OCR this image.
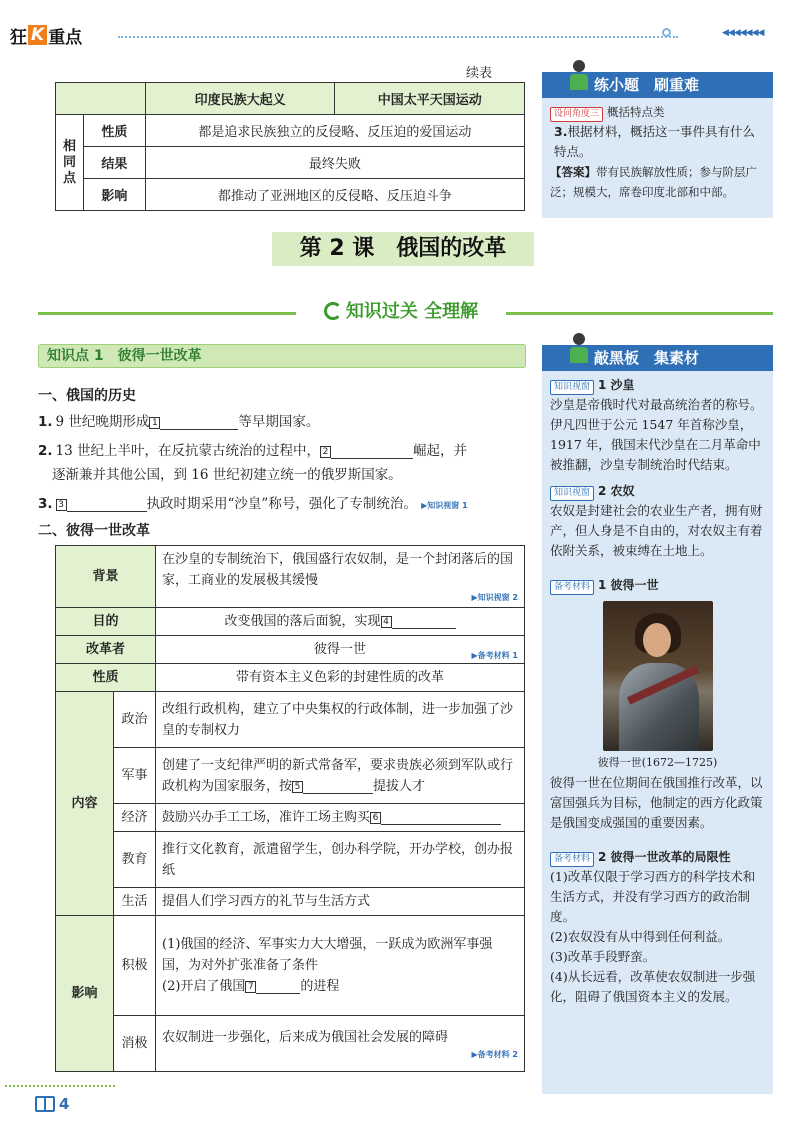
狂 K 重点	◀◀◀◀◀◀◀
续表
		印度民族大起义	中国太平天国运动
相同点	性质	都是追求民族独立的反侵略、反压迫的爱国运动	
	结果	最终失败	
	影响	都推动了亚洲地区的反侵略、反压迫斗争	
第 2 课　俄国的改革
知识过关 全理解
知识点 1　彼得一世改革
一、俄国的历史
1. 9 世纪晚期形成 1	等早期国家。
2. 13 世纪上半叶，在反抗蒙古统治的过程中， 2	崛起，并
逐渐兼并其他公国，到 16 世纪初建立统一的俄罗斯国家。
3. 3	执政时期采用“沙皇”称号，强化了专制统治。 ▶知识视窗 1
二、彼得一世改革
背景		在沙皇的专制统治下，俄国盛行农奴制，是一个封闭落后的国家，工商业的发展极其缓慢
▶知识视窗 2

目的		改变俄国的落后面貌，实现 4
改革者		彼得一世 ▶备考材料 1

性质		带有资本主义色彩的封建性质的改革
内容	政治	改组行政机构，建立了中央集权的行政体制，进一步加强了沙皇的专制权力
	军事	创建了一支纪律严明的新式常备军，要求贵族必须到军队或行政机构为国家服务，按 5 提拔人才
	经济	鼓励兴办手工工场，准许工场主购买 6
	教育	推行文化教育，派遣留学生，创办科学院，开办学校，创办报纸
	生活	提倡人们学习西方的礼节与生活方式
影响	积极	(1)俄国的经济、军事实力大大增强，一跃成为欧洲军事强国，为对外扩张准备了条件
(2)开启了俄国 7 的进程

	消极	农奴制进一步强化，后来成为俄国社会发展的障碍
▶备考材料 2
练小题　刷重难
设问角度三 概括特点类
3.根据材料，概括这一事件具有什么特点。
【答案】带有民族解放性质；参与阶层广泛；规模大，席卷印度北部和中部。
敲黑板　集素材
知识视窗 1 沙皇
沙皇是帝俄时代对最高统治者的称号。伊凡四世于公元 1547 年首称沙皇，1917 年，俄国末代沙皇在二月革命中被推翻，沙皇专制统治时代结束。
知识视窗 2 农奴
农奴是封建社会的农业生产者，拥有财产，但人身是不自由的，对农奴主有着依附关系，被束缚在土地上。
备考材料 1 彼得一世
彼得一世(1672—1725)
彼得一世在位期间在俄国推行改革，以富国强兵为目标，他制定的西方化政策是俄国变成强国的重要因素。
备考材料 2 彼得一世改革的局限性
(1)改革仅限于学习西方的科学技术和生活方式，并没有学习西方的政治制度。
(2)农奴没有从中得到任何利益。
(3)改革手段野蛮。
(4)从长远看，改革使农奴制进一步强化，阻碍了俄国资本主义的发展。
4
